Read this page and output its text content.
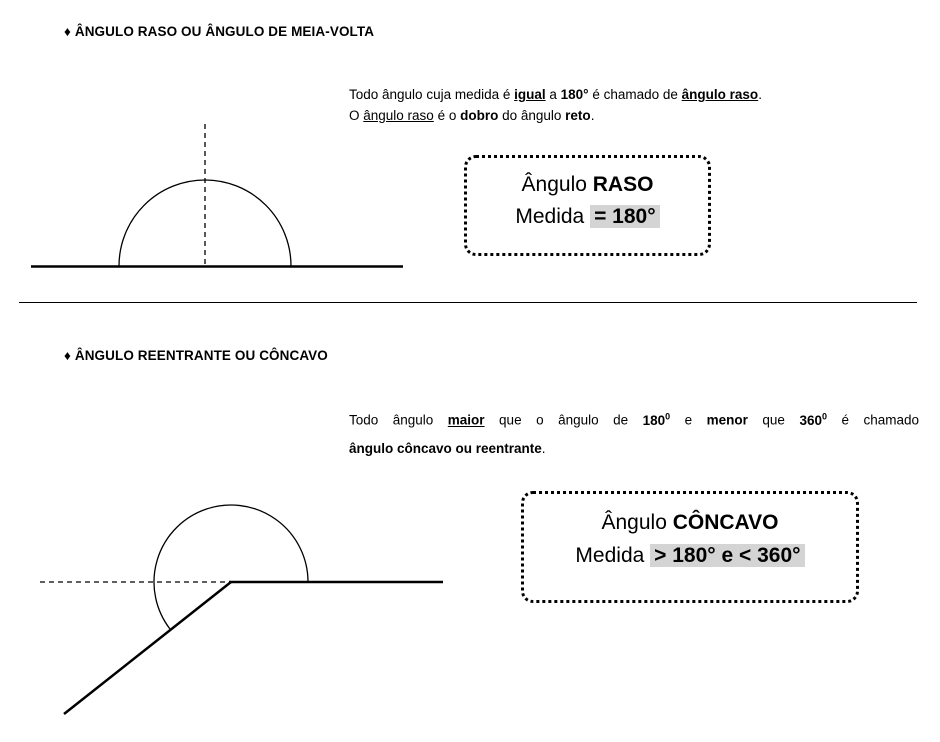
♦ ÂNGULO RASO OU ÂNGULO DE MEIA-VOLTA
Todo ângulo cuja medida é igual a 180° é chamado de ângulo raso.
O ângulo raso é o dobro do ângulo reto.
Ângulo RASO
Medida = 180°
♦ ÂNGULO REENTRANTE OU CÔNCAVO
Todo ângulo maior que o ângulo de $180^0$ e menor que $360^0$ é chamado
ângulo côncavo ou reentrante.
Ângulo CÔNCAVO
Medida > 180° e < 360°
